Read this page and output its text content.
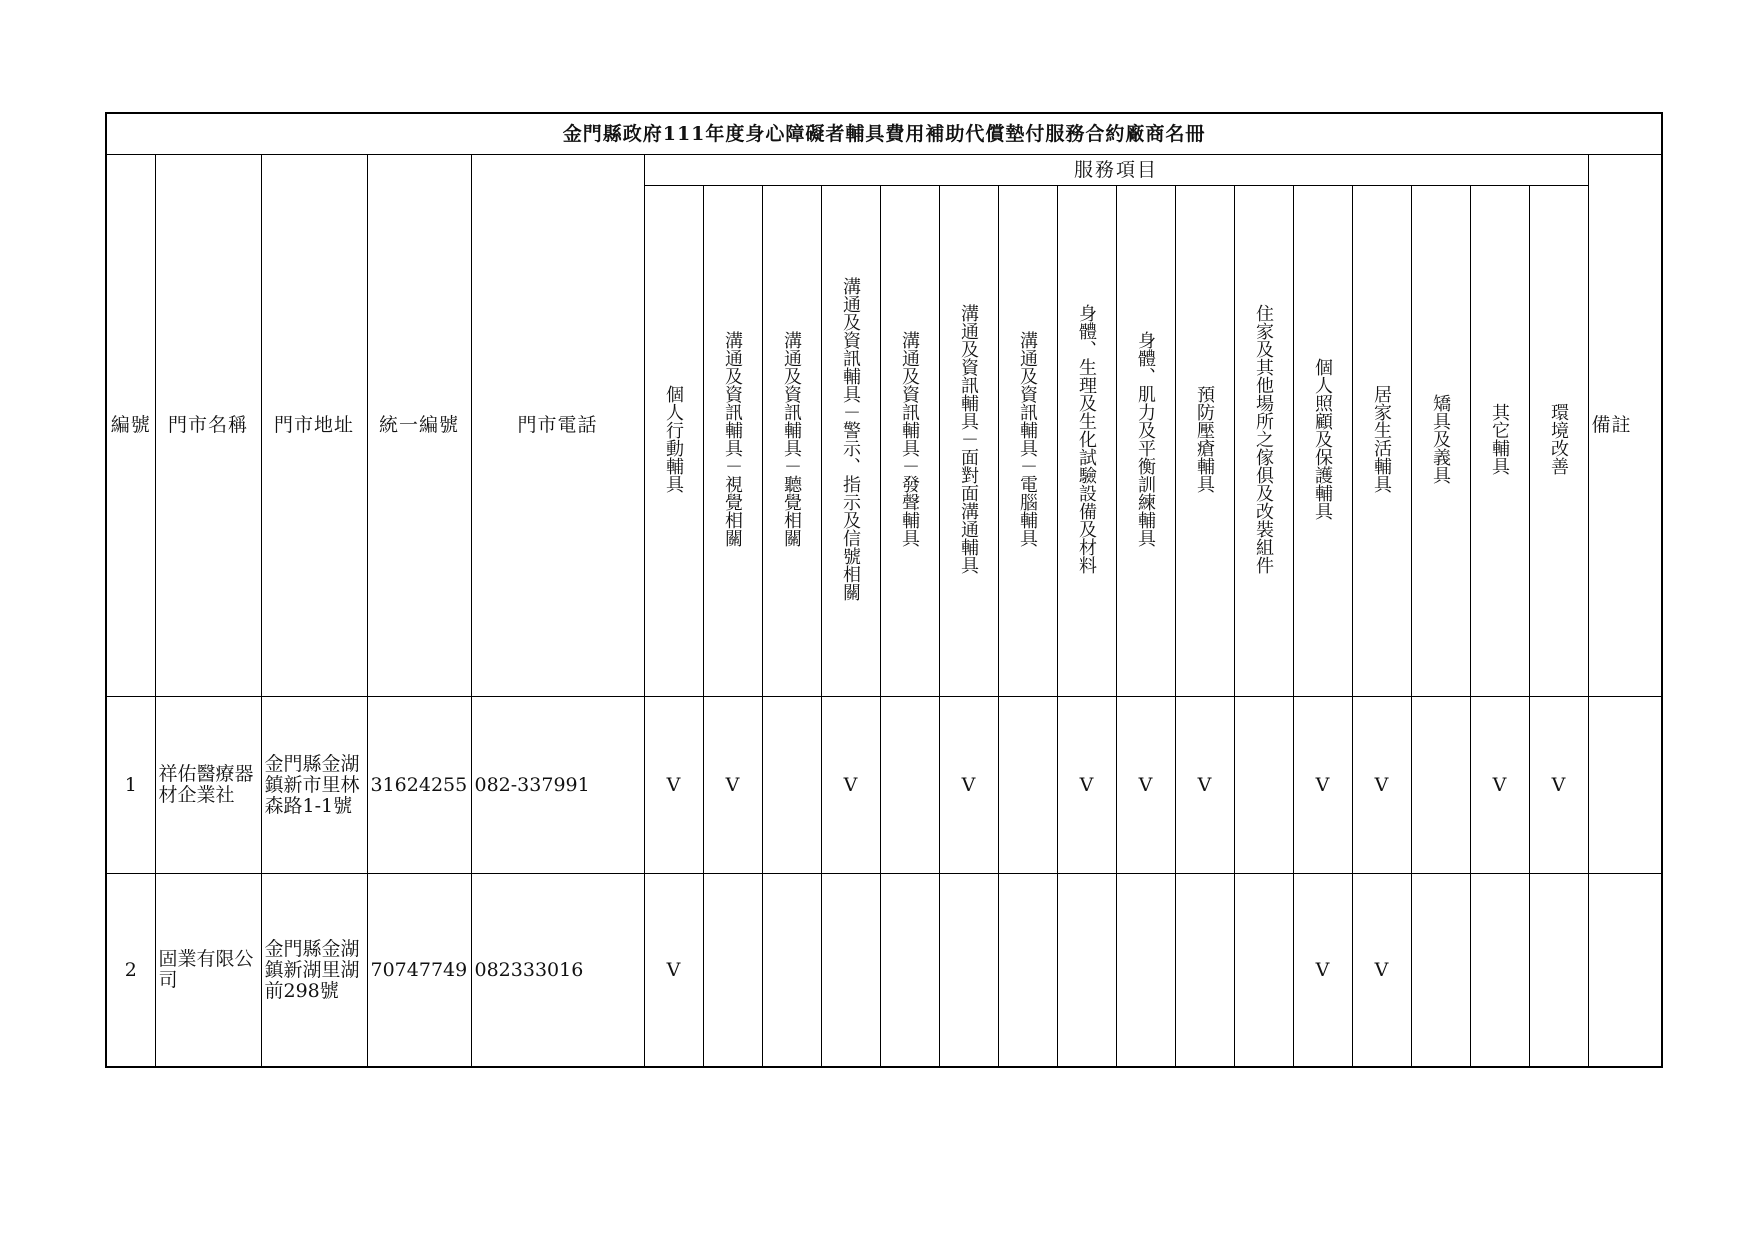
金門縣政府111年度身心障礙者輔具費用補助代償墊付服務合約廠商名冊																					
編號	門市名稱	門市地址	統一編號	門市電話	服務項目																備註
					個人行動輔具	溝通及資訊輔具－視覺相關	溝通及資訊輔具－聽覺相關	溝通及資訊輔具－警示、指示及信號相關	溝通及資訊輔具－發聲輔具	溝通及資訊輔具－面對面溝通輔具	溝通及資訊輔具－電腦輔具	身體、生理及生化試驗設備及材料	身體、肌力及平衡訓練輔具	預防壓瘡輔具	住家及其他場所之傢俱及改裝組件	個人照顧及保護輔具	居家生活輔具	矯具及義具	其它輔具	環境改善	
1	祥佑醫療器材企業社	金門縣金湖鎮新市里林森路1-1號	31624255	082-337991	V	V		V		V		V	V	V		V	V		V	V	
2	固業有限公司	金門縣金湖鎮新湖里湖前298號	70747749	082333016	V											V	V				
